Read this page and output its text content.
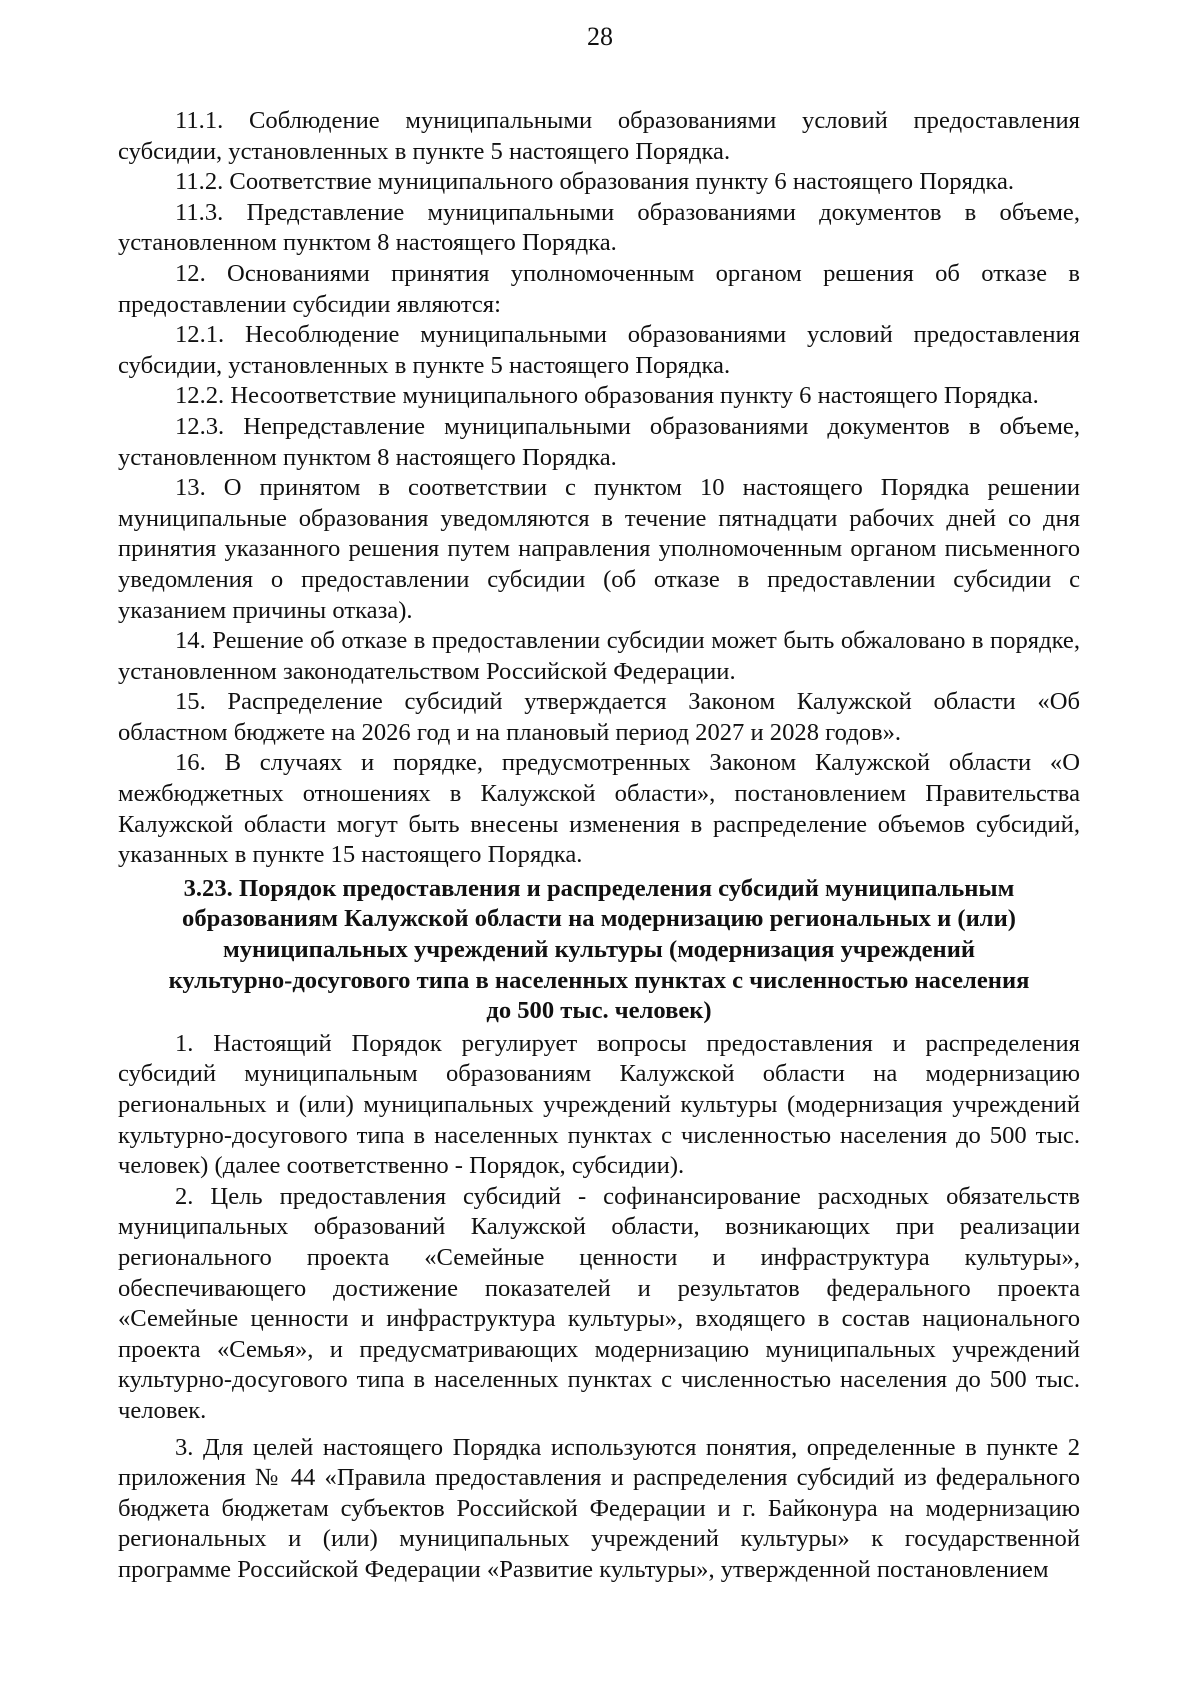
28

11.1. Соблюдение муниципальными образованиями условий предоставления субсидии, установленных в пункте 5 настоящего Порядка.

11.2. Соответствие муниципального образования пункту 6 настоящего Порядка.

11.3. Представление муниципальными образованиями документов в объеме, установленном пунктом 8 настоящего Порядка.

12. Основаниями принятия уполномоченным органом решения об отказе в предоставлении субсидии являются:

12.1. Несоблюдение муниципальными образованиями условий предоставления субсидии, установленных в пункте 5 настоящего Порядка.

12.2. Несоответствие муниципального образования пункту 6 настоящего Порядка.

12.3. Непредставление муниципальными образованиями документов в объеме, установленном пунктом 8 настоящего Порядка.

13. О принятом в соответствии с пунктом 10 настоящего Порядка решении муниципальные образования уведомляются в течение пятнадцати рабочих дней со дня принятия указанного решения путем направления уполномоченным органом письменного уведомления о предоставлении субсидии (об отказе в предоставлении субсидии с указанием причины отказа).

14. Решение об отказе в предоставлении субсидии может быть обжаловано в порядке, установленном законодательством Российской Федерации.

15. Распределение субсидий утверждается Законом Калужской области «Об областном бюджете на 2026 год и на плановый период 2027 и 2028 годов».

16. В случаях и порядке, предусмотренных Законом Калужской области «О межбюджетных отношениях в Калужской области», постановлением Правительства Калужской области могут быть внесены изменения в распределение объемов субсидий, указанных в пункте 15 настоящего Порядка.

3.23. Порядок предоставления и распределения субсидий муниципальным образованиям Калужской области на модернизацию региональных и (или) муниципальных учреждений культуры (модернизация учреждений культурно-досугового типа в населенных пунктах с численностью населения до 500 тыс. человек)

1. Настоящий Порядок регулирует вопросы предоставления и распределения субсидий муниципальным образованиям Калужской области на модернизацию региональных и (или) муниципальных учреждений культуры (модернизация учреждений культурно-досугового типа в населенных пунктах с численностью населения до 500 тыс. человек) (далее соответственно - Порядок, субсидии).

2. Цель предоставления субсидий - софинансирование расходных обязательств муниципальных образований Калужской области, возникающих при реализации регионального проекта «Семейные ценности и инфраструктура культуры», обеспечивающего достижение показателей и результатов федерального проекта «Семейные ценности и инфраструктура культуры», входящего в состав национального проекта «Семья», и предусматривающих модернизацию муниципальных учреждений культурно-досугового типа в населенных пунктах с численностью населения до 500 тыс. человек.

3. Для целей настоящего Порядка используются понятия, определенные в пункте 2 приложения № 44 «Правила предоставления и распределения субсидий из федерального бюджета бюджетам субъектов Российской Федерации и г. Байконура на модернизацию региональных и (или) муниципальных учреждений культуры» к государственной программе Российской Федерации «Развитие культуры», утвержденной постановлением
